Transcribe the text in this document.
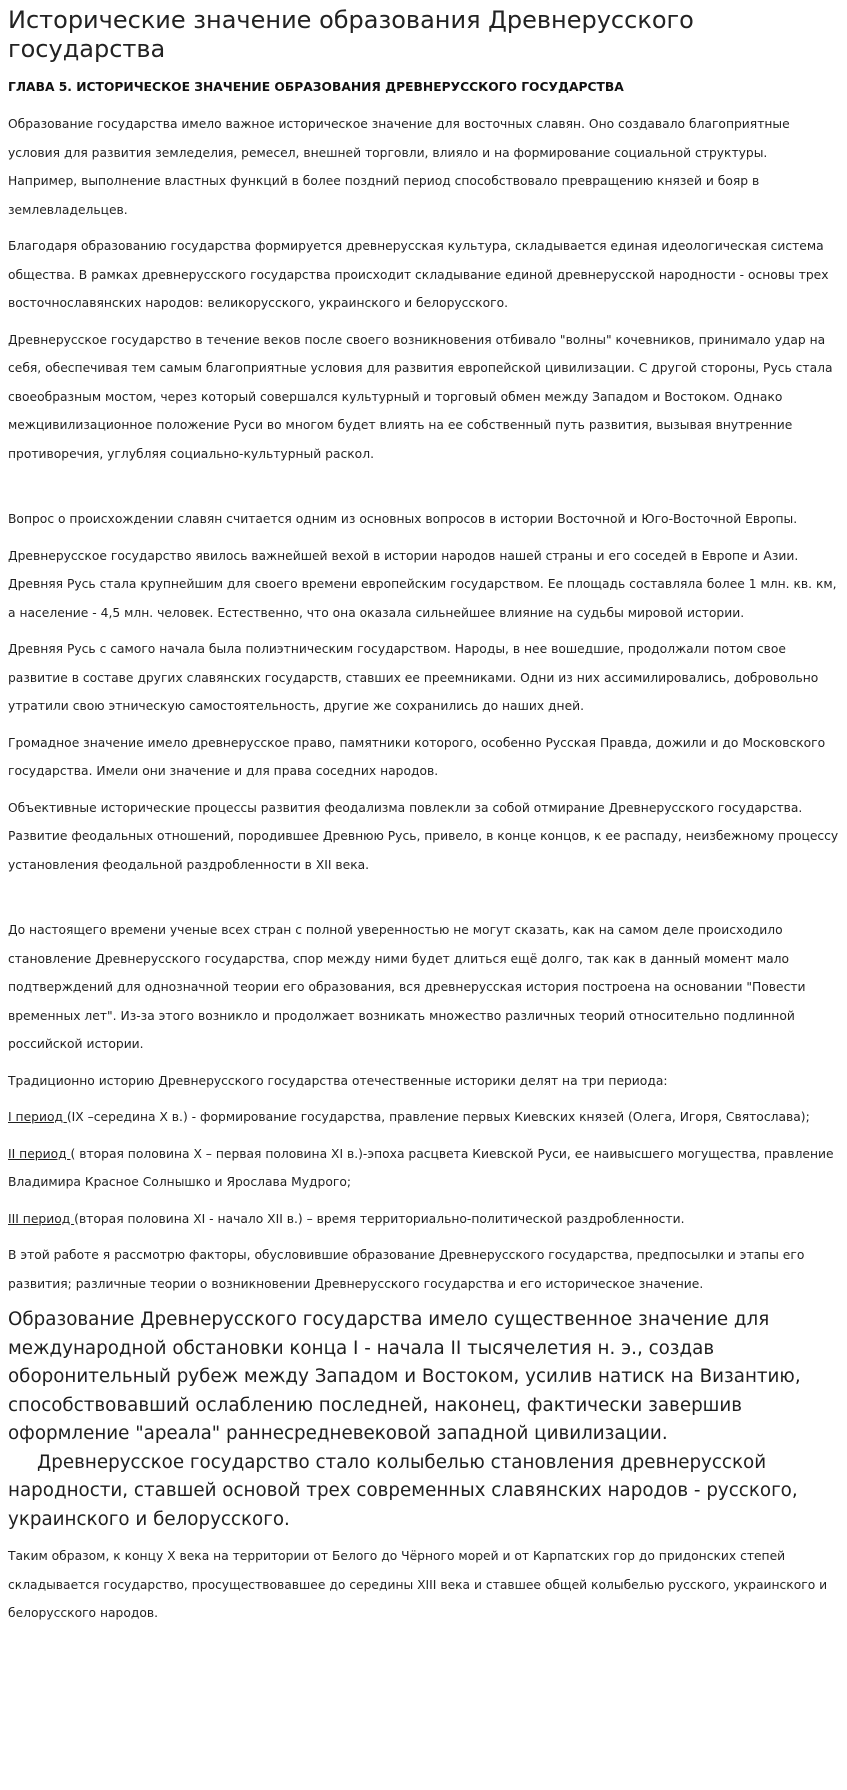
Исторические значение образования Древнерусского государства
ГЛАВА 5. ИСТОРИЧЕСКОЕ ЗНАЧЕНИЕ ОБРАЗОВАНИЯ ДРЕВНЕРУССКОГО ГОСУДАРСТВА

Образование государства имело важное историческое значение для восточных славян. Оно создавало благоприятные условия для развития земледелия, ремесел, внешней торговли, влияло и на формирование социальной структуры. Например, выполнение властных функций в более поздний период способствовало превращению князей и бояр в землевладельцев.

Благодаря образованию государства формируется древнерусская культура, складывается единая идеологическая система общества. В рамках древнерусского государства происходит складывание единой древнерусской народности - основы трех восточнославянских народов: великорусского, украинского и белорусского.

Древнерусское государство в течение веков после своего возникновения отбивало "волны" кочевников, принимало удар на себя, обеспечивая тем самым благоприятные условия для развития европейской цивилизации. С другой стороны, Русь стала своеобразным мостом, через который совершался культурный и торговый обмен между Западом и Востоком. Однако межцивилизационное положение Руси во многом будет влиять на ее собственный путь развития, вызывая внутренние противоречия, углубляя социально-культурный раскол.

Вопрос о происхождении славян считается одним из основных вопросов в истории Восточной и Юго-Восточной Европы.

Древнерусское государство явилось важнейшей вехой в истории народов нашей страны и его соседей в Европе и Азии. Древняя Русь стала крупнейшим для своего времени европейским государством. Ее площадь составляла более 1 млн. кв. км, а население - 4,5 млн. человек. Естественно, что она оказала сильнейшее влияние на судьбы мировой истории.

Древняя Русь с самого начала была полиэтническим государством. Народы, в нее вошедшие, продолжали потом свое развитие в составе других славянских государств, ставших ее преемниками. Одни из них ассимилировались, добровольно утратили свою этническую самостоятельность, другие же сохранились до наших дней.

Громадное значение имело древнерусское право, памятники которого, особенно Русская Правда, дожили и до Московского государства. Имели они значение и для права соседних народов.

Объективные исторические процессы развития феодализма повлекли за собой отмирание Древнерусского государства. Развитие феодальных отношений, породившее Древнюю Русь, привело, в конце концов, к ее распаду, неизбежному процессу установления феодальной раздробленности в XII века.

До настоящего времени ученые всех стран с полной уверенностью не могут сказать, как на самом деле происходило становление Древнерусского государства, спор между ними будет длиться ещё долго, так как в данный момент мало подтверждений для однозначной теории его образования, вся древнерусская история построена на основании "Повести временных лет". Из-за этого возникло и продолжает возникать множество различных теорий относительно подлинной российской истории.

Традиционно историю Древнерусского государства отечественные историки делят на три периода:

I период (IX –середина X в.) - формирование государства, правление первых Киевских князей (Олега, Игоря, Святослава);

II период ( вторая половина X – первая половина XI в.)-эпоха расцвета Киевской Руси, ее наивысшего могущества, правление Владимира Красное Солнышко и Ярослава Мудрого;

III период (вторая половина XI - начало XII в.) – время территориально-политической раздробленности.

В этой работе я рассмотрю факторы, обусловившие образование Древнерусского государства, предпосылки и этапы его развития; различные теории о возникновении Древнерусского государства и его историческое значение.

Образование Древнерусского государства имело существенное значение для международной обстановки конца I - начала II тысячелетия н. э., создав оборонительный рубеж между Западом и Востоком, усилив натиск на Византию, способствовавший ослаблению последней, наконец, фактически завершив оформление "ареала" раннесредневековой западной цивилизации.

Древнерусское государство стало колыбелью становления древнерусской народности, ставшей основой трех современных славянских народов - русского, украинского и белорусского.

Таким образом, к концу X века на территории от Белого до Чёрного морей и от Карпатских гор до придонских степей складывается государство, просуществовавшее до середины XIII века и ставшее общей колыбелью русского, украинского и белорусского народов.
